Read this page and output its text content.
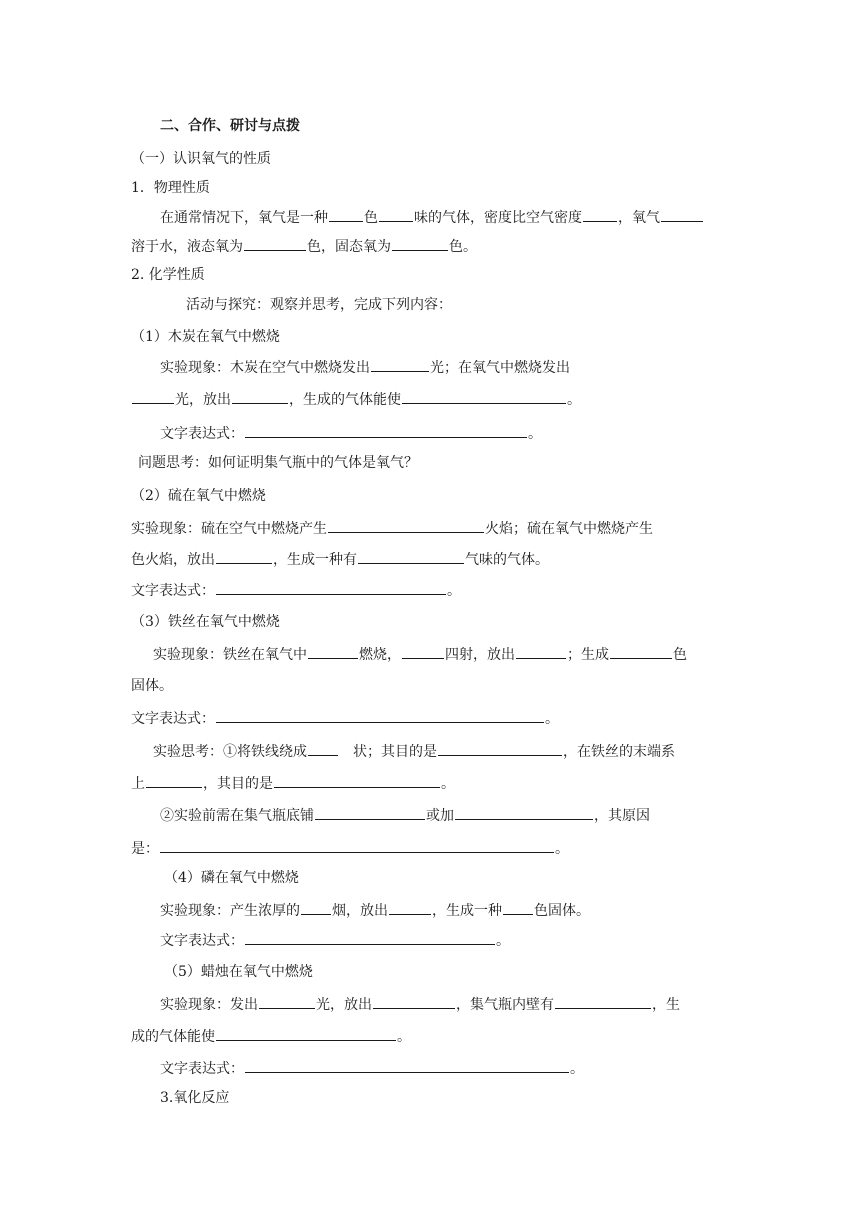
二、合作、研讨与点拨
（一）认识氧气的性质
1．物理性质
在通常情况下，氧气是一种	色	味的气体，密度比空气密度	，氧气
溶于水，液态氧为	色，固态氧为	色。
2. 化学性质
活动与探究：观察并思考，完成下列内容：
（1）木炭在氧气中燃烧
实验现象：木炭在空气中燃烧发出	光；在氧气中燃烧发出
光，放出	，生成的气体能使	。
文字表达式：	。
问题思考：如何证明集气瓶中的气体是氧气？
（2）硫在氧气中燃烧
实验现象：硫在空气中燃烧产生	火焰；硫在氧气中燃烧产生
色火焰，放出	，生成一种有	气味的气体。
文字表达式：	。
（3）铁丝在氧气中燃烧
实验现象：铁丝在氧气中	燃烧，	四射，放出	；生成	色
固体。
文字表达式：	。
实验思考：①将铁线绕成	状；其目的是	，在铁丝的末端系
上	，其目的是	。
②实验前需在集气瓶底铺	或加	，其原因
是：	。
（4）磷在氧气中燃烧
实验现象：产生浓厚的 烟，放出	，生成一种 色固体。
文字表达式：	。
（5）蜡烛在氧气中燃烧
实验现象：发出	光，放出	，集气瓶内壁有	，生
成的气体能使	。
文字表达式：	。
3.氧化反应
